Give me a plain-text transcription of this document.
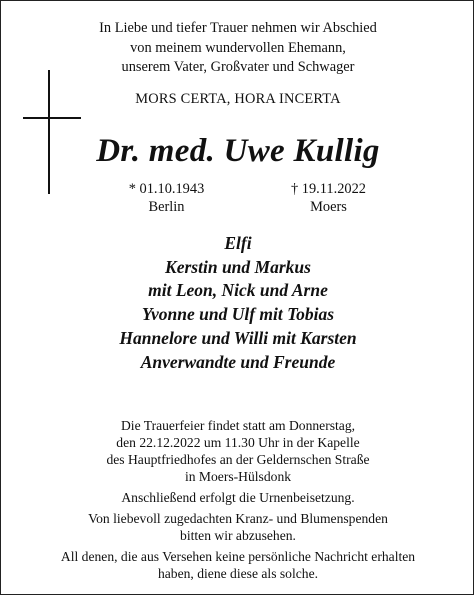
In Liebe und tiefer Trauer nehmen wir Abschied
von meinem wundervollen Ehemann,
unserem Vater, Großvater und Schwager
MORS CERTA, HORA INCERTA
Dr. med. Uwe Kullig
* 01.10.1943
Berlin
† 19.11.2022
Moers
Elfi
Kerstin und Markus
mit Leon, Nick und Arne
Yvonne und Ulf mit Tobias
Hannelore und Willi mit Karsten
Anverwandte und Freunde
Die Trauerfeier findet statt am Donnerstag,
den 22.12.2022 um 11.30 Uhr in der Kapelle
des Hauptfriedhofes an der Geldernschen Straße
in Moers-Hülsdonk
Anschließend erfolgt die Urnenbeisetzung.
Von liebevoll zugedachten Kranz- und Blumenspenden
bitten wir abzusehen.
All denen, die aus Versehen keine persönliche Nachricht erhalten
haben, diene diese als solche.
